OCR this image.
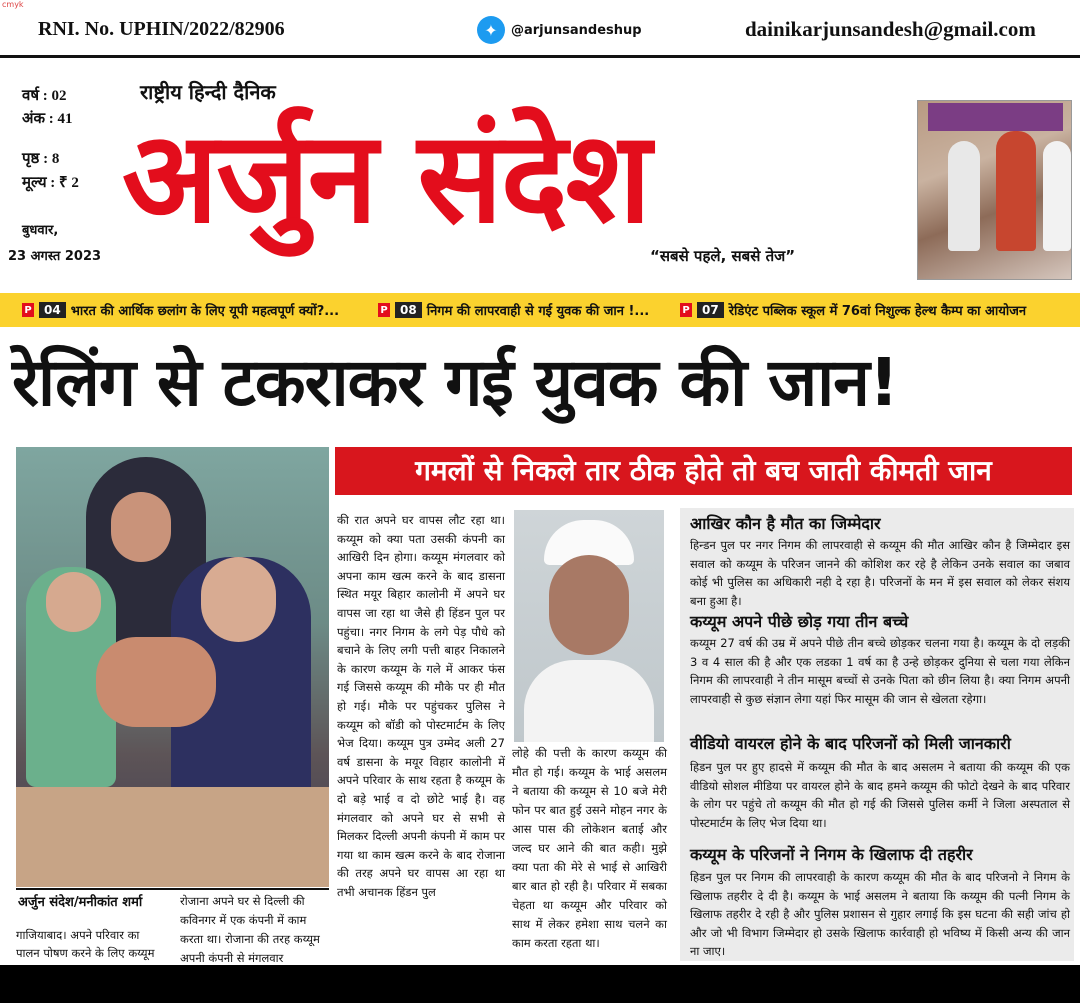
cmyk
RNI. No. UPHIN/2022/82906	✦	@arjunsandeshup	dainikarjunsandesh@gmail.com
वर्ष : 02
अंक : 41
पृष्ठ : 8
मूल्य : ₹ 2
बुधवार,
23 अगस्त 2023
राष्ट्रीय हिन्दी दैनिक
अर्जुन संदेश
“सबसे पहले, सबसे तेज”
P	04 भारत की आर्थिक छलांग के लिए यूपी महत्वपूर्ण क्यों?...	P	08 निगम की लापरवाही से गई युवक की जान !...	P	07 रेडिएंट पब्लिक स्कूल में 76वां निशुल्क हेल्थ कैम्प का आयोजन
रेलिंग से टकराकर गई युवक की जान!
अर्जुन संदेश/मनीकांत शर्मा
गाजियाबाद। अपने परिवार का पालन पोषण करने के लिए कय्यूम
रोजाना अपने घर से दिल्ली की कविनगर में एक कंपनी में काम करता था। रोजाना की तरह कय्यूम अपनी कंपनी से मंगलवार
गमलों से निकले तार ठीक होते तो बच जाती कीमती जान
की रात अपने घर वापस लौट रहा था। कय्यूम को क्या पता उसकी कंपनी का आखिरी दिन होगा। कय्यूम मंगलवार को अपना काम खत्म करने के बाद डासना स्थित मयूर बिहार कालोनी में अपने घर वापस जा रहा था जैसे ही हिंडन पुल पर पहुंचा। नगर निगम के लगे पेड़ पौधे को बचाने के लिए लगी पत्ती बाहर निकालने के कारण कय्यूम के गले में आकर फंस गई जिससे कय्यूम की मौके पर ही मौत हो गई। मौके पर पहुंचकर पुलिस ने कय्यूम को बॉडी को पोस्टमार्टम के लिए भेज दिया। कय्यूम पुत्र उम्मेद अली 27 वर्ष डासना के मयूर विहार कालोनी में अपने परिवार के साथ रहता है कय्यूम के दो बड़े भाई व दो छोटे भाई है। वह मंगलवार को अपने घर से सभी से मिलकर दिल्ली अपनी कंपनी में काम पर गया था काम खत्म करने के बाद रोजाना की तरह अपने घर वापस आ रहा था तभी अचानक हिंडन पुल
लोहे की पत्ती के कारण कय्यूम की मौत हो गई। कय्यूम के भाई असलम ने बताया की कय्यूम से 10 बजे मेरी फोन पर बात हुई उसने मोहन नगर के आस पास की लोकेशन बताई और जल्द घर आने की बात कही। मुझे क्या पता की मेरे से भाई से आखिरी बार बात हो रही है। परिवार में सबका चेहता था कय्यूम और परिवार को साथ में लेकर हमेशा साथ चलने का काम करता रहता था।
आखिर कौन है मौत का जिम्मेदार
हिन्डन पुल पर नगर निगम की लापरवाही से कय्यूम की मौत आखिर कौन है जिम्मेदार इस सवाल को कय्यूम के परिजन जानने की कोशिश कर रहे है लेकिन उनके सवाल का जबाव कोई भी पुलिस का अधिकारी नही दे रहा है। परिजनों के मन में इस सवाल को लेकर संशय बना हुआ है।
कय्यूम अपने पीछे छोड़ गया तीन बच्चे
कय्यूम 27 वर्ष की उम्र में अपने पीछे तीन बच्चे छोड़कर चलना गया है। कय्यूम के दो लड़की 3 व 4 साल की है और एक लडका 1 वर्ष का है उन्हे छोड़कर दुनिया से चला गया लेकिन निगम की लापरवाही ने तीन मासूम बच्चों से उनके पिता को छीन लिया है। क्या निगम अपनी लापरवाही से कुछ संज्ञान लेगा यहां फिर मासूम की जान से खेलता रहेगा।
वीडियो वायरल होने के बाद परिजनों को मिली जानकारी
हिडन पुल पर हुए हादसे में कय्यूम की मौत के बाद असलम ने बताया की कय्यूम की एक वीडियो सोशल मीडिया पर वायरल होने के बाद हमने कय्यूम की फोटो देखने के बाद परिवार के लोग पर पहुंचे तो कय्यूम की मौत हो गई की जिससे पुलिस कर्मी ने जिला अस्पताल से पोस्टमार्टम के लिए भेज दिया था।
कय्यूम के परिजनों ने निगम के खिलाफ दी तहरीर
हिडन पुल पर निगम की लापरवाही के कारण कय्यूम की मौत के बाद परिजनो ने निगम के खिलाफ तहरीर दे दी है। कय्यूम के भाई असलम ने बताया कि कय्यूम की पत्नी निगम के खिलाफ तहरीर दे रही है और पुलिस प्रशासन से गुहार लगाई कि इस घटना की सही जांच हो और जो भी विभाग जिम्मेदार हो उसके खिलाफ कार्रवाही हो भविष्य में किसी अन्य की जान ना जाए।
